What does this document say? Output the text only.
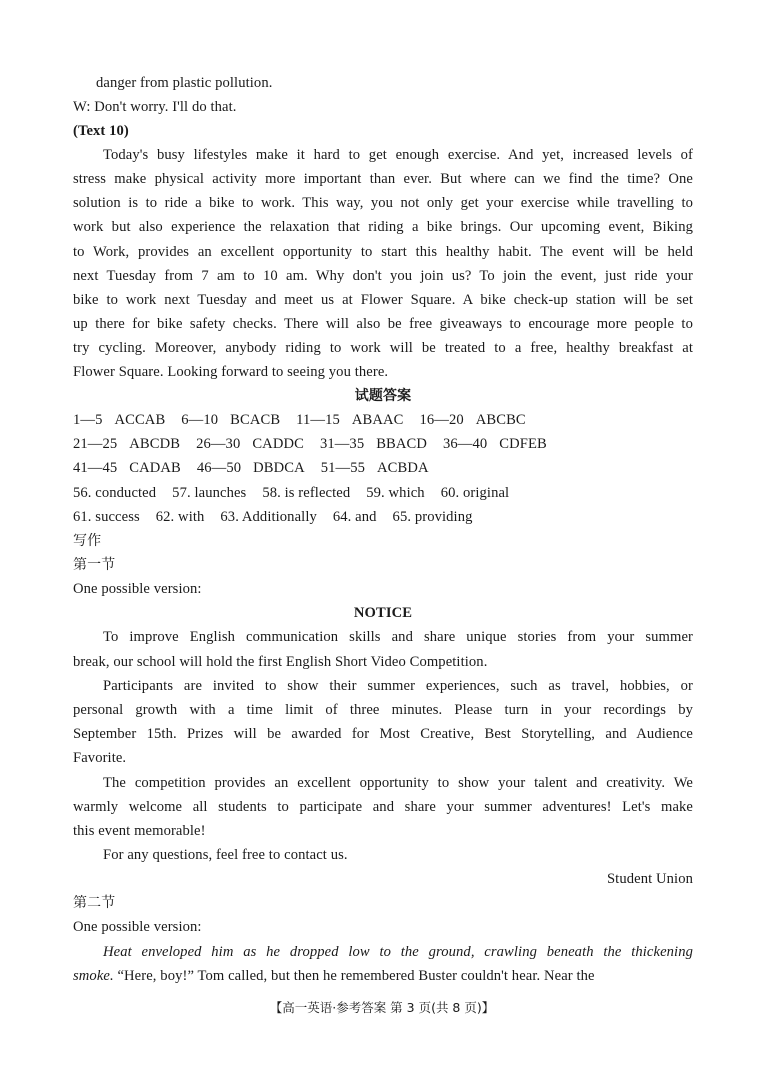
danger from plastic pollution.
W: Don't worry. I'll do that.
(Text 10)
Today's busy lifestyles make it hard to get enough exercise. And yet, increased levels of
stress make physical activity more important than ever. But where can we find the time? One
solution is to ride a bike to work. This way, you not only get your exercise while travelling to
work but also experience the relaxation that riding a bike brings. Our upcoming event, Biking
to Work, provides an excellent opportunity to start this healthy habit. The event will be held
next Tuesday from 7 am to 10 am. Why don't you join us? To join the event, just ride your
bike to work next Tuesday and meet us at Flower Square. A bike check-up station will be set
up there for bike safety checks. There will also be free giveaways to encourage more people to
try cycling. Moreover, anybody riding to work will be treated to a free, healthy breakfast at
Flower Square. Looking forward to seeing you there.
试题答案
1—5 ACCAB 6—10 BCACB 11—15 ABAAC 16—20 ABCBC
21—25 ABCDB 26—30 CADDC 31—35 BBACD 36—40 CDFEB
41—45 CADAB 46—50 DBDCA 51—55 ACBDA
56. conducted 57. launches 58. is reflected 59. which 60. original
61. success 62. with 63. Additionally 64. and 65. providing
写作
第一节
One possible version:
NOTICE
To improve English communication skills and share unique stories from your summer
break, our school will hold the first English Short Video Competition.
Participants are invited to show their summer experiences, such as travel, hobbies, or
personal growth with a time limit of three minutes. Please turn in your recordings by
September 15th. Prizes will be awarded for Most Creative, Best Storytelling, and Audience
Favorite.
The competition provides an excellent opportunity to show your talent and creativity. We
warmly welcome all students to participate and share your summer adventures! Let's make
this event memorable!
For any questions, feel free to contact us.
Student Union
第二节
One possible version:
Heat enveloped him as he dropped low to the ground, crawling beneath the thickening
smoke. “Here, boy!” Tom called, but then he remembered Buster couldn't hear. Near the
【高一英语·参考答案 第 3 页(共 8 页)】
